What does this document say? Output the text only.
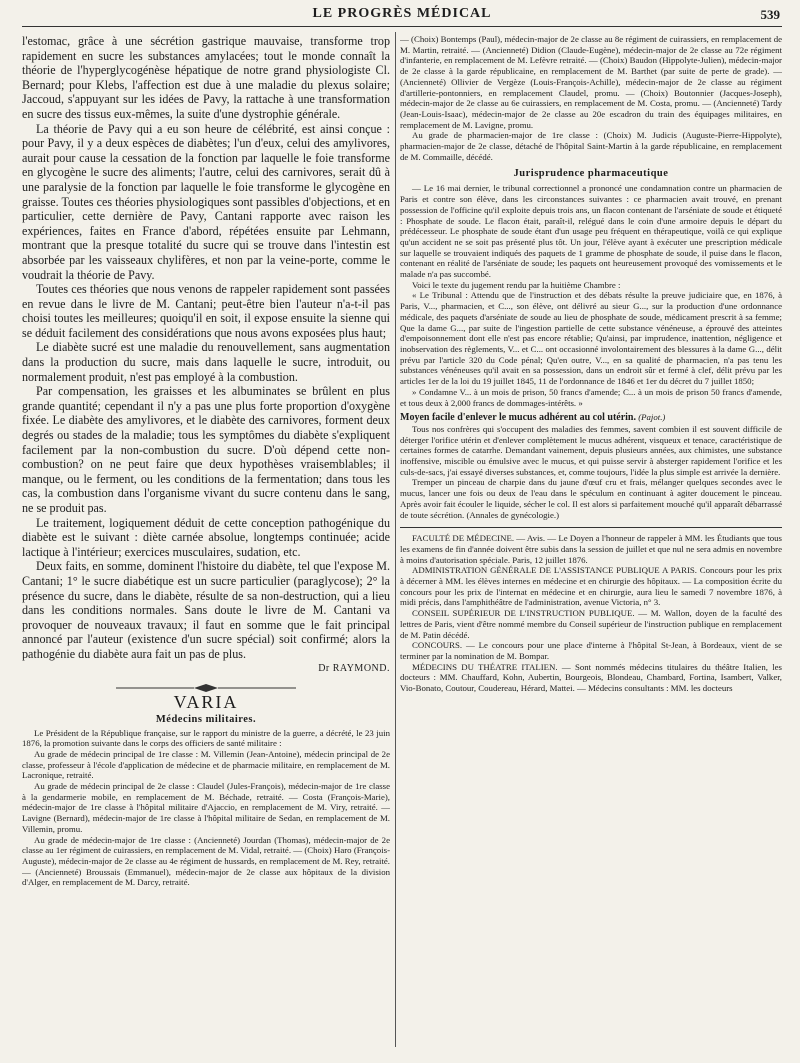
LE PROGRÈS MÉDICAL	539

l'estomac, grâce à une sécrétion gastrique mauvaise, transforme trop rapidement en sucre les substances amylacées; tout le monde connaît la théorie de l'hyperglycogénèse hépatique de notre grand physiologiste Cl. Bernard; pour Klebs, l'affection est due à une maladie du plexus solaire; Jaccoud, s'appuyant sur les idées de Pavy, la rattache à une transformation en sucre des tissus eux-mêmes, la suite d'une dystrophie générale.

La théorie de Pavy qui a eu son heure de célébrité, est ainsi conçue : pour Pavy, il y a deux espèces de diabètes; l'un d'eux, celui des amylivores, aurait pour cause la cessation de la fonction par laquelle le foie transforme en glycogène le sucre des aliments; l'autre, celui des carnivores, serait dû à une paralysie de la fonction par laquelle le foie transforme le glycogène en graisse. Toutes ces théories physiologiques sont passibles d'objections, et en particulier, cette dernière de Pavy, Cantani rapporte avec raison les expériences, faites en France d'abord, répétées ensuite par Lehmann, montrant que la presque totalité du sucre qui se trouve dans l'intestin est absorbée par les vaisseaux chylifères, et non par la veine-porte, comme le voudrait la théorie de Pavy.

Toutes ces théories que nous venons de rappeler rapidement sont passées en revue dans le livre de M. Cantani; peut-être bien l'auteur n'a-t-il pas choisi toutes les meilleures; quoiqu'il en soit, il expose ensuite la sienne qui se déduit facilement des considérations que nous avons exposées plus haut;

Le diabète sucré est une maladie du renouvellement, sans augmentation dans la production du sucre, mais dans laquelle le sucre, introduit, ou normalement produit, n'est pas employé à la combustion.

Par compensation, les graisses et les albuminates se brûlent en plus grande quantité; cependant il n'y a pas une plus forte proportion d'oxygène fixée. Le diabète des amylivores, et le diabète des carnivores, forment deux degrés ou stades de la maladie; tous les symptômes du diabète s'expliquent facilement par la non-combustion du sucre. D'où dépend cette non-combustion? on ne peut faire que deux hypothèses vraisemblables; il manque, ou le ferment, ou les conditions de la fermentation; dans tous les cas, la combustion dans l'organisme vivant du sucre contenu dans le sang, ne se produit pas.

Le traitement, logiquement déduit de cette conception pathogénique du diabète est le suivant : diète carnée absolue, longtemps continuée; acide lactique à l'intérieur; exercices musculaires, sudation, etc.

Deux faits, en somme, dominent l'histoire du diabète, tel que l'expose M. Cantani; 1° le sucre diabétique est un sucre particulier (paraglycose); 2° la présence du sucre, dans le diabète, résulte de sa non-destruction, qui a lieu dans les conditions normales. Sans doute le livre de M. Cantani va provoquer de nouveaux travaux; il faut en somme que le fait principal annoncé par l'auteur (existence d'un sucre spécial) soit confirmé; alors la pathogénie du diabète aura fait un pas de plus.

Dr RAYMOND.
VARIA
Médecins militaires.

Le Président de la République française, sur le rapport du ministre de la guerre, a décrété, le 23 juin 1876, la promotion suivante dans le corps des officiers de santé militaire :

Au grade de médecin principal de 1re classe : M. Villemin (Jean-Antoine), médecin principal de 2e classe, professeur à l'école d'application de médecine et de pharmacie militaire, en remplacement de M. Lacronique, retraité.

Au grade de médecin principal de 2e classe : Claudel (Jules-François), médecin-major de 1re classe à la gendarmerie mobile, en remplacement de M. Béchade, retraité. — Costa (François-Marie), médecin-major de 1re classe à l'hôpital militaire d'Ajaccio, en remplacement de M. Viry, retraité. — Lavigne (Bernard), médecin-major de 1re classe à l'hôpital militaire de Sedan, en remplacement de M. Villemin, promu.

Au grade de médecin-major de 1re classe : (Ancienneté) Jourdan (Thomas), médecin-major de 2e classe au 1er régiment de cuirassiers, en remplacement de M. Vidal, retraité. — (Choix) Haro (François-Auguste), médecin-major de 2e classe au 4e régiment de hussards, en remplacement de M. Rey, retraité. — (Ancienneté) Broussais (Emmanuel), médecin-major de 2e classe aux hôpitaux de la division d'Alger, en remplacement de M. Darcy, retraité.

— (Choix) Bontemps (Paul), médecin-major de 2e classe au 8e régiment de cuirassiers, en remplacement de M. Martin, retraité. — (Ancienneté) Didion (Claude-Eugène), médecin-major de 2e classe au 72e régiment d'infanterie, en remplacement de M. Lefèvre retraité. — (Choix) Baudon (Hippolyte-Julien), médecin-major de 2e classe à la garde républicaine, en remplacement de M. Barthet (par suite de perte de grade). — (Ancienneté) Ollivier de Vergèze (Louis-François-Achille), médecin-major de 2e classe au régiment d'artillerie-pontonniers, en remplacement Claudel, promu. — (Choix) Boutonnier (Jacques-Joseph), médecin-major de 2e classe au 6e cuirassiers, en remplacement de M. Costa, promu. — (Ancienneté) Tardy (Jean-Louis-Isaac), médecin-major de 2e classe au 20e escadron du train des équipages militaires, en remplacement de M. Lavigne, promu.

Au grade de pharmacien-major de 1re classe : (Choix) M. Judicis (Auguste-Pierre-Hippolyte), pharmacien-major de 2e classe, détaché de l'hôpital Saint-Martin à la garde républicaine, en remplacement de M. Commaille, décédé.

Jurisprudence pharmaceutique

— Le 16 mai dernier, le tribunal correctionnel a prononcé une condamnation contre un pharmacien de Paris et contre son élève, dans les circonstances suivantes : ce pharmacien avait trouvé, en prenant possession de l'officine qu'il exploite depuis trois ans, un flacon contenant de l'arséniate de soude et étiqueté : Phosphate de soude. Le flacon était, paraît-il, relégué dans le coin d'une armoire depuis le départ du prédécesseur. Le phosphate de soude étant d'un usage peu fréquent en thérapeutique, voilà ce qui explique qu'un accident ne se soit pas présenté plus tôt. Un jour, l'élève ayant à exécuter une prescription médicale sur laquelle se trouvaient indiqués des paquets de 1 gramme de phosphate de soude, il puise dans le flacon, contenant en réalité de l'arséniate de soude; les paquets ont heureusement provoqué des vomissements et le malade n'a pas succombé.

Voici le texte du jugement rendu par la huitième Chambre :

« Le Tribunal : Attendu que de l'instruction et des débats résulte la preuve judiciaire que, en 1876, à Paris, V..., pharmacien, et C..., son élève, ont délivré au sieur G..., sur la production d'une ordonnance médicale, des paquets d'arséniate de soude au lieu de phosphate de soude, médicament prescrit à sa femme; Que la dame G..., par suite de l'ingestion partielle de cette substance vénéneuse, a éprouvé des atteintes d'empoisonnement dont elle n'est pas encore rétablie; Qu'ainsi, par imprudence, inattention, négligence et inobservation des règlements, V... et C... ont occasionné involontairement des blessures à la dame G..., délit prévu par l'article 320 du Code pénal; Qu'en outre, V..., en sa qualité de pharmacien, n'a pas tenu les substances vénéneuses qu'il avait en sa possession, dans un endroit sûr et fermé à clef, délit prévu par les articles 1er de la loi du 19 juillet 1845, 11 de l'ordonnance de 1846 et 1er du décret du 7 juillet 1850;

» Condamne V... à un mois de prison, 50 francs d'amende; C... à un mois de prison 50 francs d'amende, et tous deux à 2,000 francs de dommages-intérêts. »

Moyen facile d'enlever le mucus adhérent au col utérin. (Pajot.)

Tous nos confrères qui s'occupent des maladies des femmes, savent combien il est souvent difficile de déterger l'orifice utérin et d'enlever complètement le mucus adhérent, visqueux et tenace, caractéristique de certaines formes de catarrhe. Demandant vainement, depuis plusieurs années, aux chimistes, une substance inoffensive, miscible ou émulsive avec le mucus, et qui puisse servir à absterger rapidement l'orifice et les culs-de-sacs, j'ai essayé diverses substances, et, comme toujours, l'idée la plus simple est arrivée la dernière.

Tremper un pinceau de charpie dans du jaune d'œuf cru et frais, mélanger quelques secondes avec le mucus, lancer une fois ou deux de l'eau dans le spéculum en continuant à agiter doucement le pinceau. Après avoir fait écouler le liquide, sécher le col. Il est alors si parfaitement mouché qu'il apparaît débarrassé de toute sécrétion. (Annales de gynécologie.)

FACULTÉ DE MÉDECINE. — Avis. — Le Doyen a l'honneur de rappeler à MM. les Étudiants que tous les examens de fin d'année doivent être subis dans la session de juillet et que nul ne sera admis en novembre à moins d'autorisation spéciale. Paris, 12 juillet 1876.

ADMINISTRATION GÉNÉRALE DE L'ASSISTANCE PUBLIQUE A PARIS. Concours pour les prix à décerner à MM. les élèves internes en médecine et en chirurgie des hôpitaux. — La composition écrite du concours pour les prix de l'internat en médecine et en chirurgie, aura lieu le samedi 7 novembre 1876, à midi précis, dans l'amphithéâtre de l'administration, avenue Victoria, n° 3.

CONSEIL SUPÉRIEUR DE L'INSTRUCTION PUBLIQUE. — M. Wallon, doyen de la faculté des lettres de Paris, vient d'être nommé membre du Conseil supérieur de l'instruction publique en remplacement de M. Patin décédé.

CONCOURS. — Le concours pour une place d'interne à l'hôpital St-Jean, à Bordeaux, vient de se terminer par la nomination de M. Bompar.

MÉDECINS DU THÉATRE ITALIEN. — Sont nommés médecins titulaires du théâtre Italien, les docteurs : MM. Chauffard, Kohn, Aubertin, Bourgeois, Blondeau, Chambard, Fortina, Isambert, Valker, Vio-Bonato, Coutour, Coudereau, Hérard, Mattei. — Médecins consultants : MM. les docteurs
